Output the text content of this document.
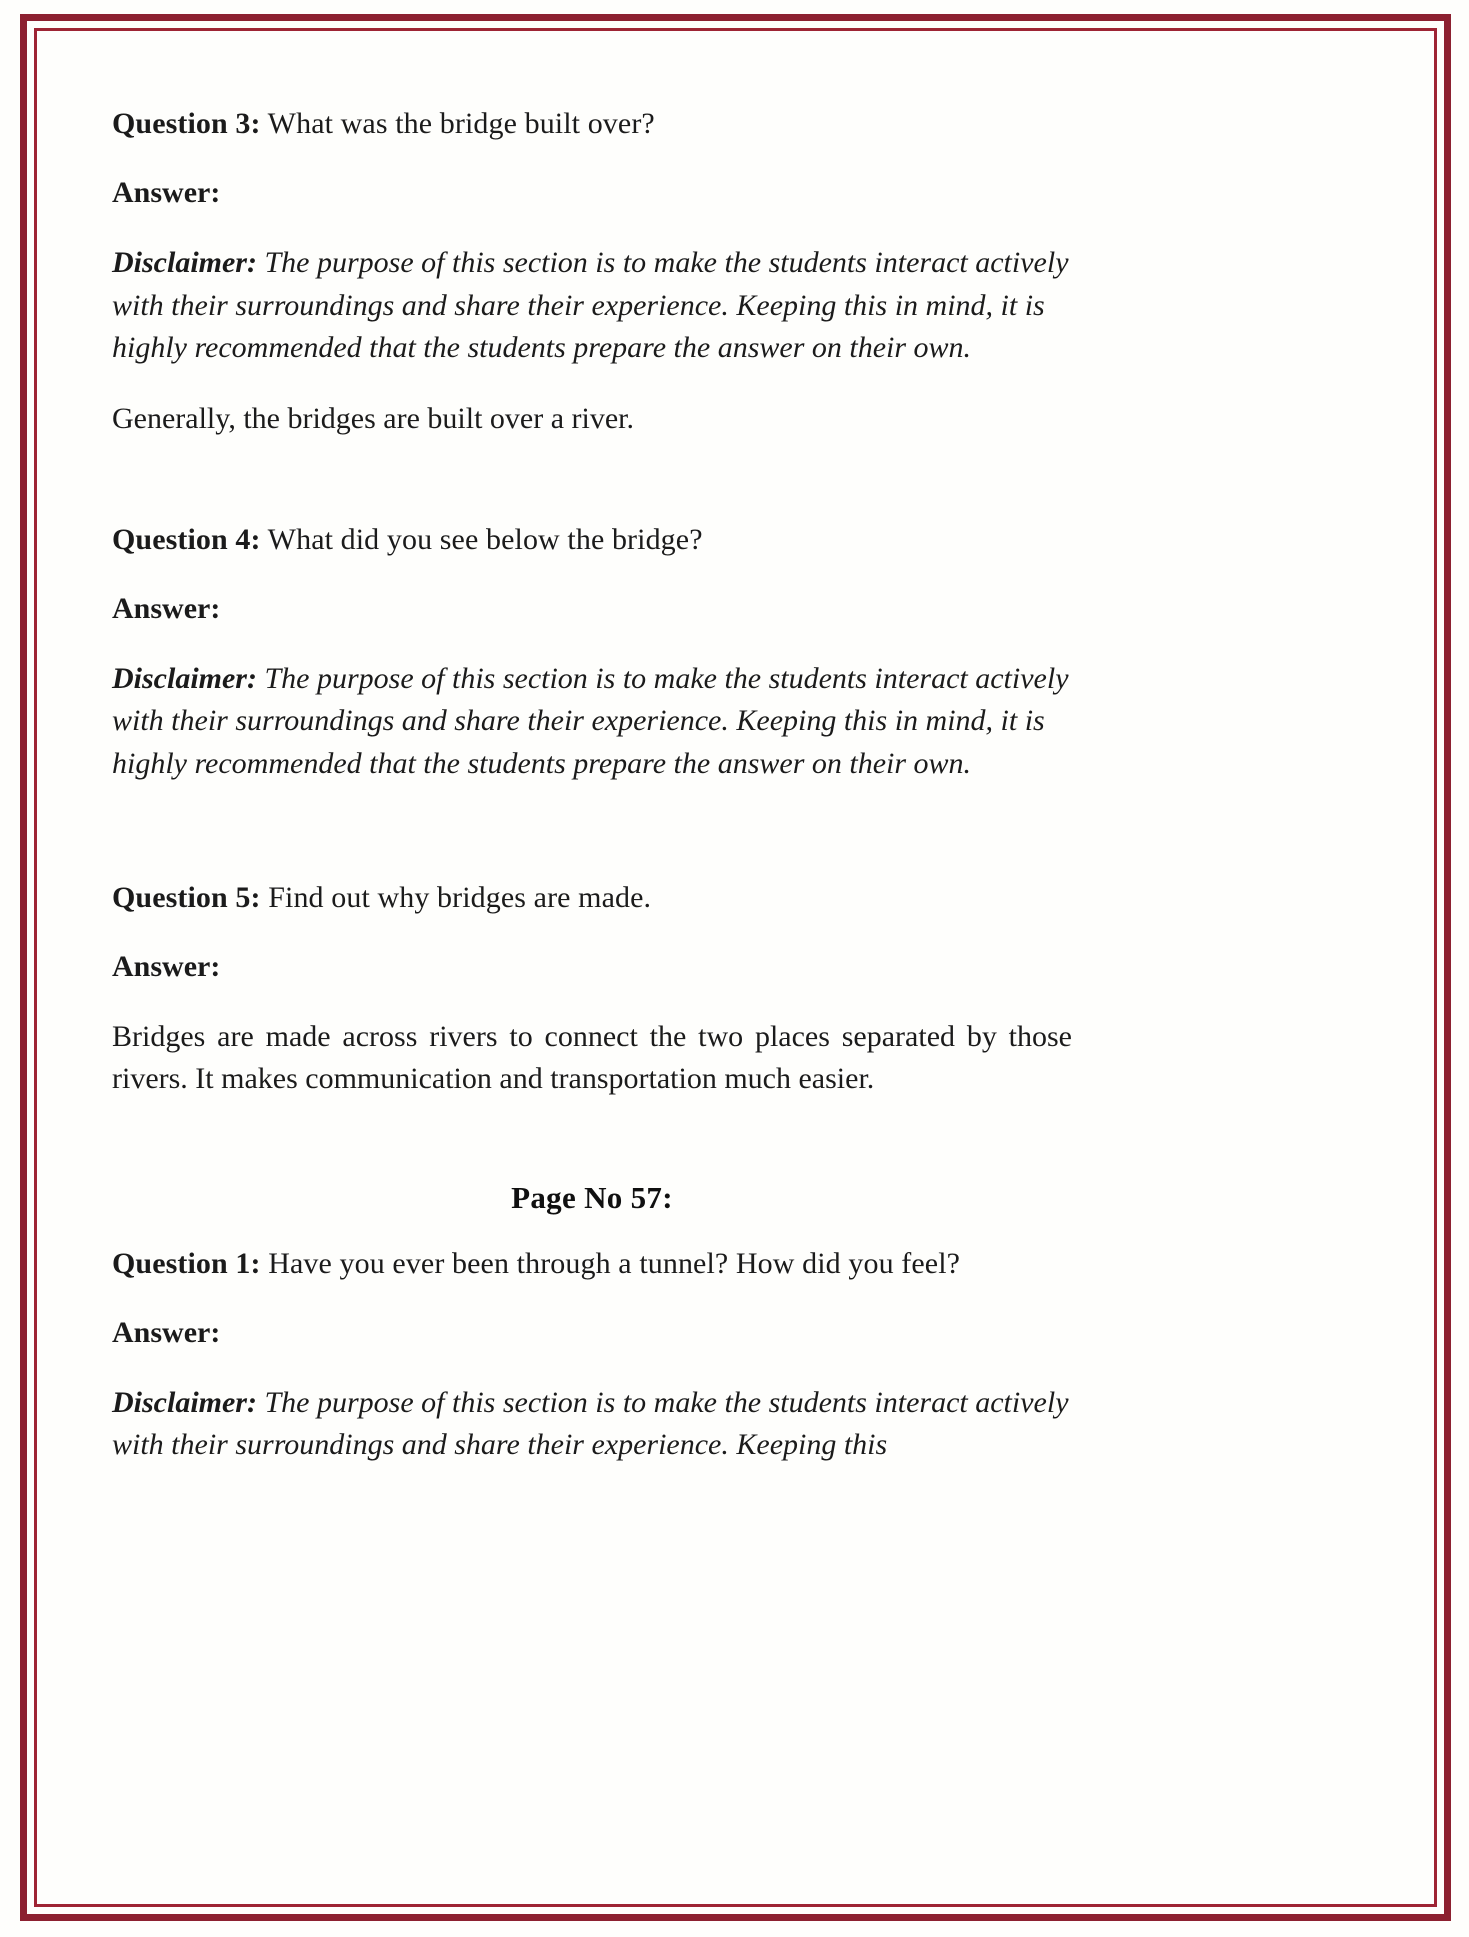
Question 3: What was the bridge built over?

Answer:

Disclaimer: The purpose of this section is to make the students interact actively with their surroundings and share their experience. Keeping this in mind, it is highly recommended that the students prepare the answer on their own.

Generally, the bridges are built over a river.

Question 4: What did you see below the bridge?

Answer:

Disclaimer: The purpose of this section is to make the students interact actively with their surroundings and share their experience. Keeping this in mind, it is highly recommended that the students prepare the answer on their own.

Question 5: Find out why bridges are made.

Answer:

Bridges are made across rivers to connect the two places separated by those rivers. It makes communication and transportation much easier.

Page No 57:

Question 1: Have you ever been through a tunnel? How did you feel?

Answer:

Disclaimer: The purpose of this section is to make the students interact actively with their surroundings and share their experience. Keeping this
